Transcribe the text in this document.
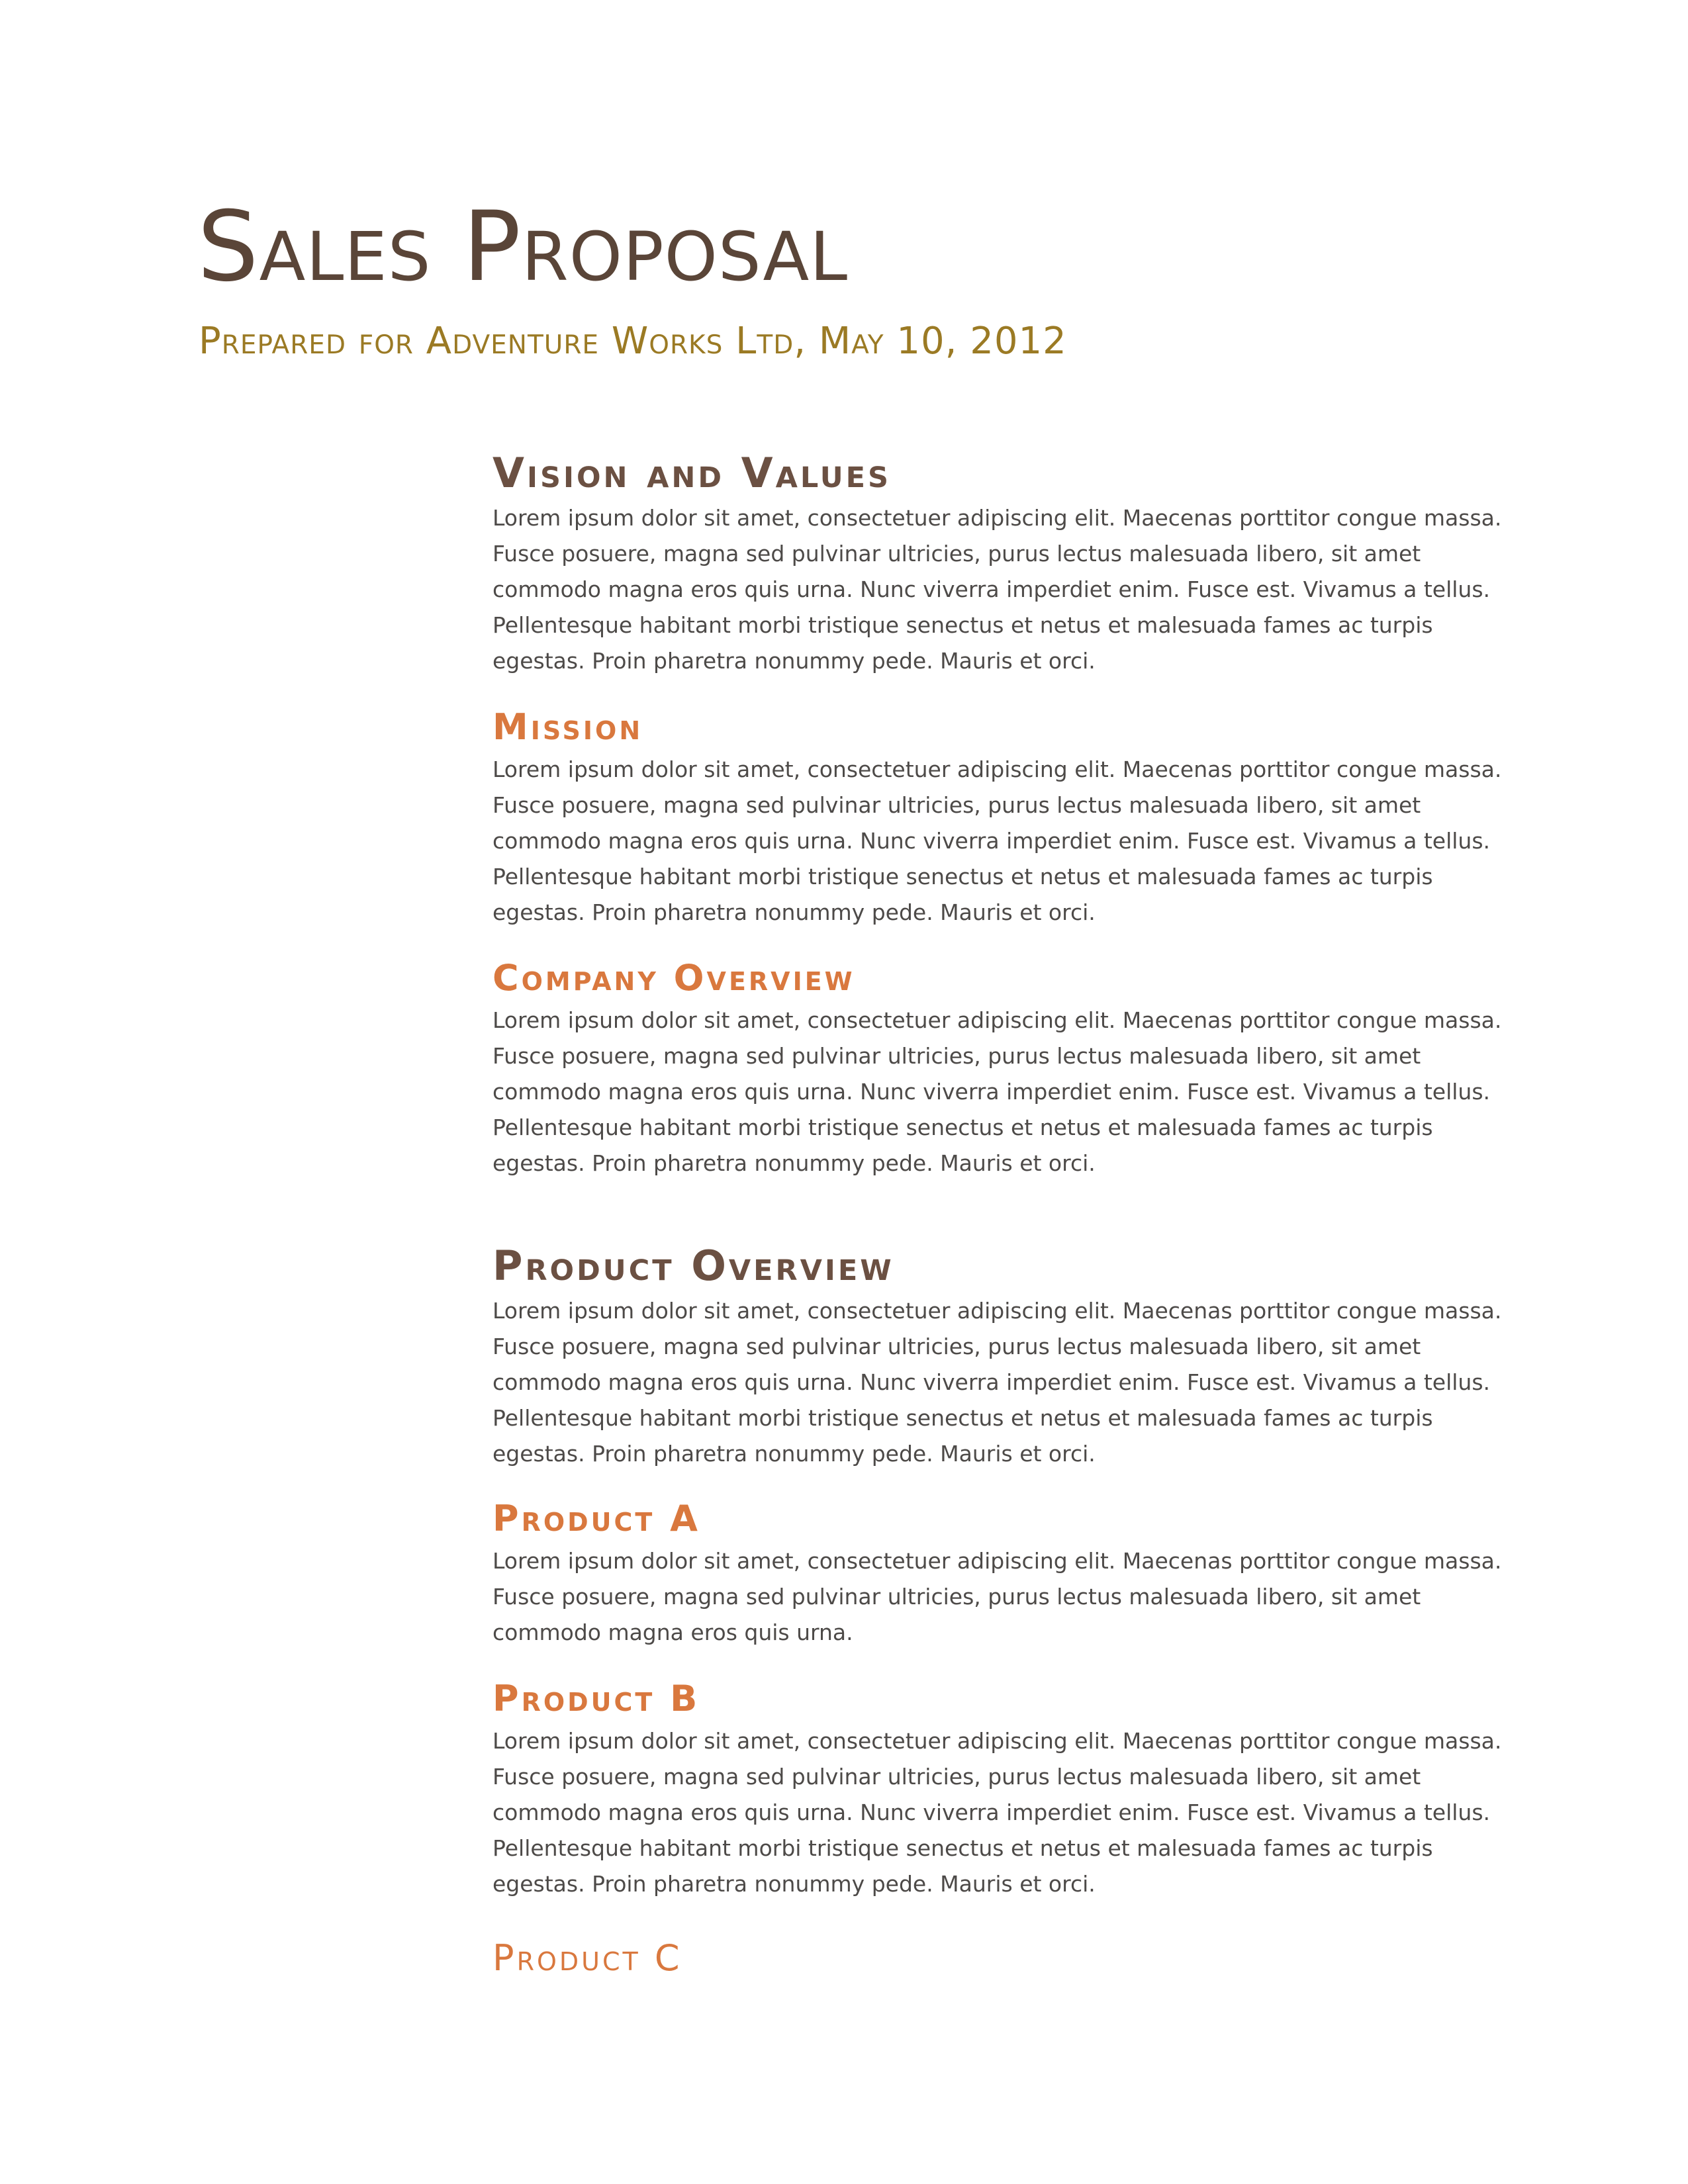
Sales Proposal
Prepared for Adventure Works Ltd, May 10, 2012
Vision and Values

Lorem ipsum dolor sit amet, consectetuer adipiscing elit. Maecenas porttitor congue massa.
Fusce posuere, magna sed pulvinar ultricies, purus lectus malesuada libero, sit amet
commodo magna eros quis urna. Nunc viverra imperdiet enim. Fusce est. Vivamus a tellus.
Pellentesque habitant morbi tristique senectus et netus et malesuada fames ac turpis
egestas. Proin pharetra nonummy pede. Mauris et orci.

Mission

Lorem ipsum dolor sit amet, consectetuer adipiscing elit. Maecenas porttitor congue massa.
Fusce posuere, magna sed pulvinar ultricies, purus lectus malesuada libero, sit amet
commodo magna eros quis urna. Nunc viverra imperdiet enim. Fusce est. Vivamus a tellus.
Pellentesque habitant morbi tristique senectus et netus et malesuada fames ac turpis
egestas. Proin pharetra nonummy pede. Mauris et orci.

Company Overview

Lorem ipsum dolor sit amet, consectetuer adipiscing elit. Maecenas porttitor congue massa.
Fusce posuere, magna sed pulvinar ultricies, purus lectus malesuada libero, sit amet
commodo magna eros quis urna. Nunc viverra imperdiet enim. Fusce est. Vivamus a tellus.
Pellentesque habitant morbi tristique senectus et netus et malesuada fames ac turpis
egestas. Proin pharetra nonummy pede. Mauris et orci.

Product Overview

Lorem ipsum dolor sit amet, consectetuer adipiscing elit. Maecenas porttitor congue massa.
Fusce posuere, magna sed pulvinar ultricies, purus lectus malesuada libero, sit amet
commodo magna eros quis urna. Nunc viverra imperdiet enim. Fusce est. Vivamus a tellus.
Pellentesque habitant morbi tristique senectus et netus et malesuada fames ac turpis
egestas. Proin pharetra nonummy pede. Mauris et orci.

Product A

Lorem ipsum dolor sit amet, consectetuer adipiscing elit. Maecenas porttitor congue massa.
Fusce posuere, magna sed pulvinar ultricies, purus lectus malesuada libero, sit amet
commodo magna eros quis urna.

Product B

Lorem ipsum dolor sit amet, consectetuer adipiscing elit. Maecenas porttitor congue massa.
Fusce posuere, magna sed pulvinar ultricies, purus lectus malesuada libero, sit amet
commodo magna eros quis urna. Nunc viverra imperdiet enim. Fusce est. Vivamus a tellus.
Pellentesque habitant morbi tristique senectus et netus et malesuada fames ac turpis
egestas. Proin pharetra nonummy pede. Mauris et orci.

Product C
